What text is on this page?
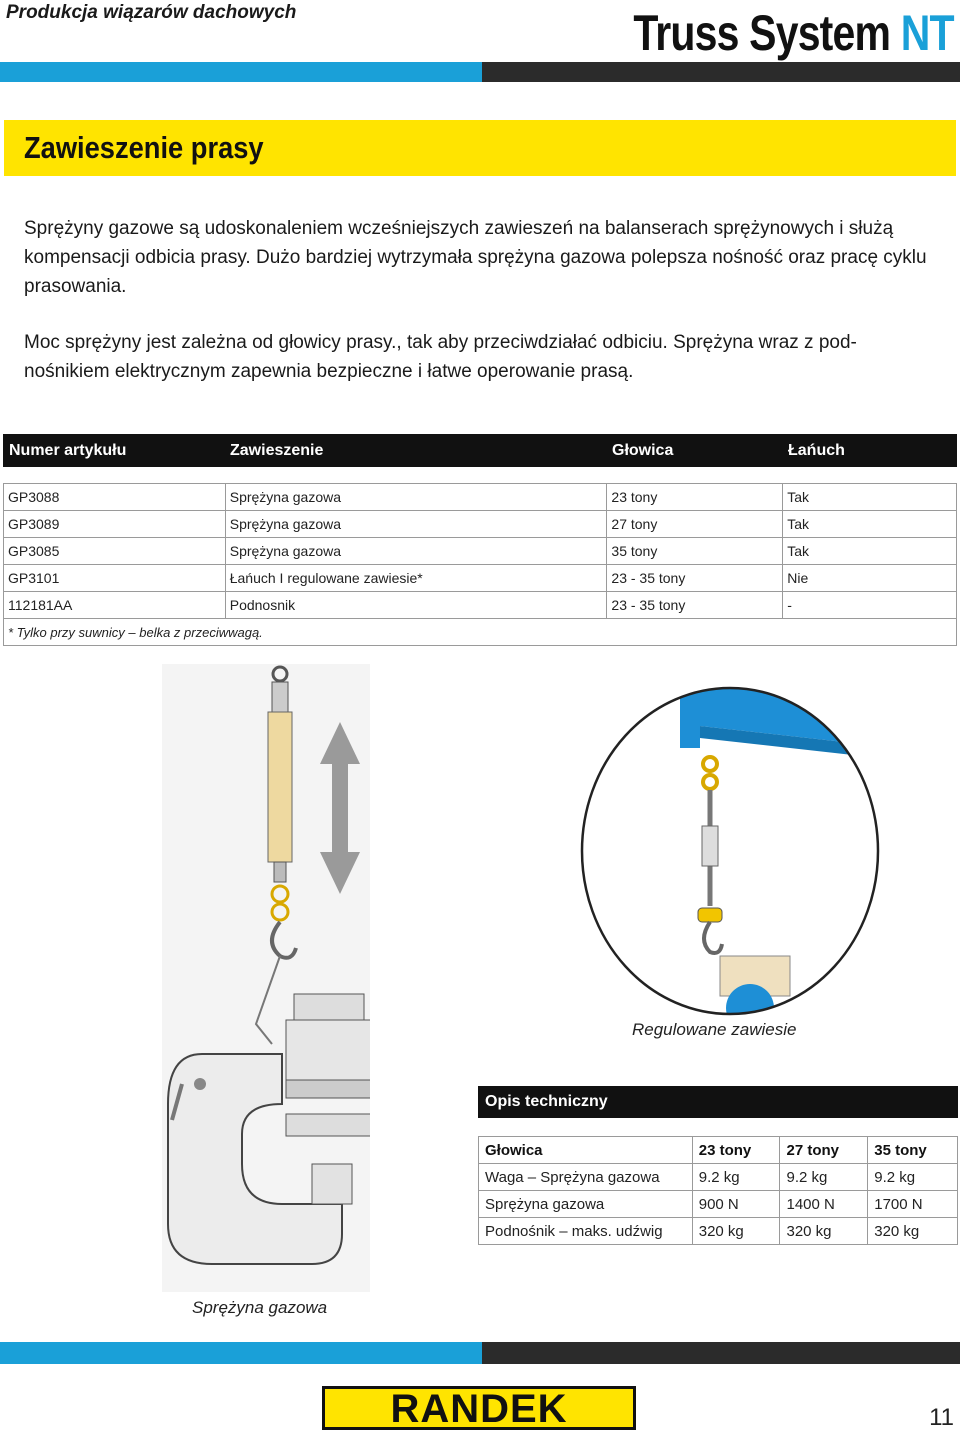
Produkcja wiązarów dachowych	Truss System NT
Zawieszenie prasy
Sprężyny gazowe są udoskonaleniem wcześniejszych zawieszeń na balanserach sprężynowych i służą kompensacji odbicia prasy. Dużo bardziej wytrzymała sprężyna gazowa polepsza nośność oraz pracę cyklu prasowania.
Moc sprężyny jest zależna od głowicy prasy., tak aby przeciwdziałać odbiciu. Sprężyna wraz z pod-nośnikiem elektrycznym zapewnia bezpieczne i łatwe operowanie prasą.
Numer artykułu	Zawieszenie	Głowica	Łańuch
GP3088	Sprężyna gazowa	23 tony	Tak
GP3089	Sprężyna gazowa	27 tony	Tak
GP3085	Sprężyna gazowa	35 tony	Tak
GP3101	Łańuch I regulowane zawiesie*	23 - 35 tony	Nie
112181AA	Podnosnik	23 - 35 tony	-
* Tylko przy suwnicy – belka z przeciwwagą.			
Sprężyna gazowa
Regulowane zawiesie
Opis techniczny
Głowica	23 tony	27 tony	35 tony
Waga – Sprężyna gazowa	9.2 kg	9.2 kg	9.2 kg
Sprężyna gazowa	900 N	1400 N	1700 N
Podnośnik – maks. udźwig	320 kg	320 kg	320 kg
RANDEK	11
